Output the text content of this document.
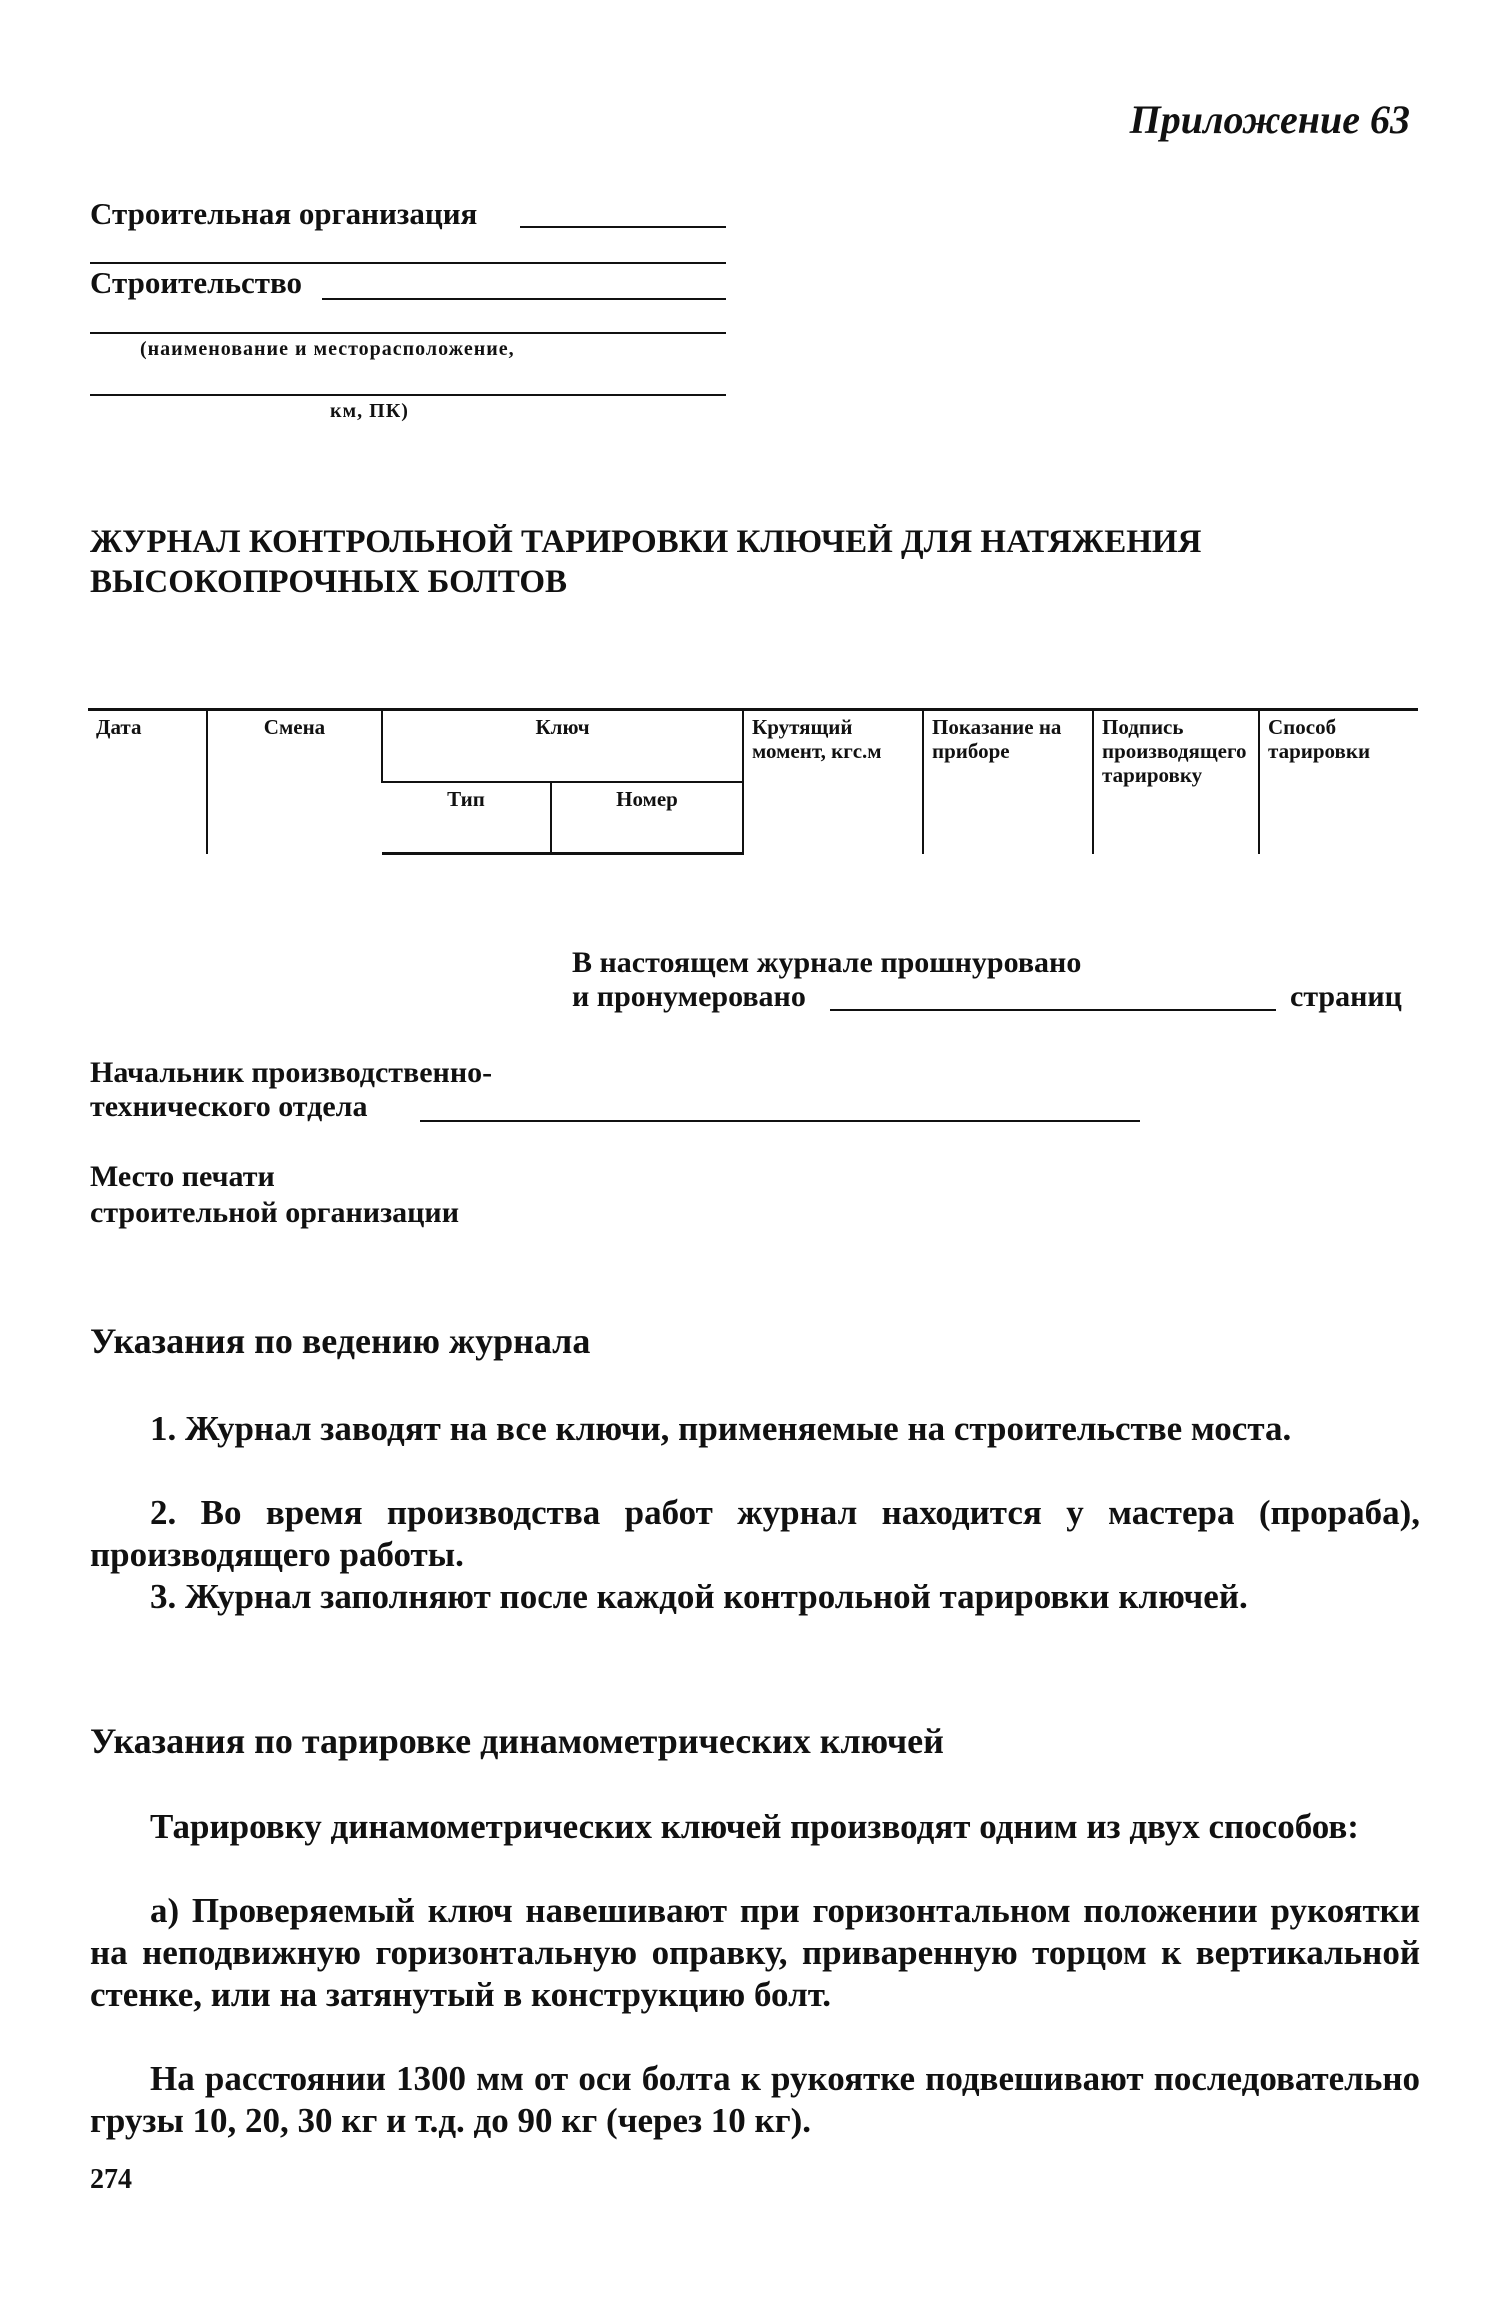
Приложение 63
Строительная организация
Строительство
(наименование и месторасположение,
км, ПК)
ЖУРНАЛ КОНТРОЛЬНОЙ ТАРИРОВКИ КЛЮЧЕЙ ДЛЯ НАТЯЖЕНИЯ
ВЫСОКОПРОЧНЫХ БОЛТОВ
Дата	Смена	Ключ		Крутящий момент, кгс.м	Показание на приборе	Подпись производящего тарировку	Способ тарировки
		Тип	Номер				
В настоящем журнале прошнуровано
и пронумеровано	страниц
Начальник производственно-
технического отдела
Место печати
строительной организации
Указания по ведению журнала
1. Журнал заводят на все ключи, применяемые на строительстве моста.
2. Во время производства работ журнал находится у мастера (прораба), производящего работы.
3. Журнал заполняют после каждой контрольной тарировки ключей.
Указания по тарировке динамометрических ключей
Тарировку динамометрических ключей производят одним из двух способов:
а) Проверяемый ключ навешивают при горизонтальном положении рукоятки на неподвижную горизонтальную оправку, приваренную торцом к вертикальной стенке, или на затянутый в конструкцию болт.
На расстоянии 1300 мм от оси болта к рукоятке подвешивают последовательно грузы 10, 20, 30 кг и т.д. до 90 кг (через 10 кг).
274
